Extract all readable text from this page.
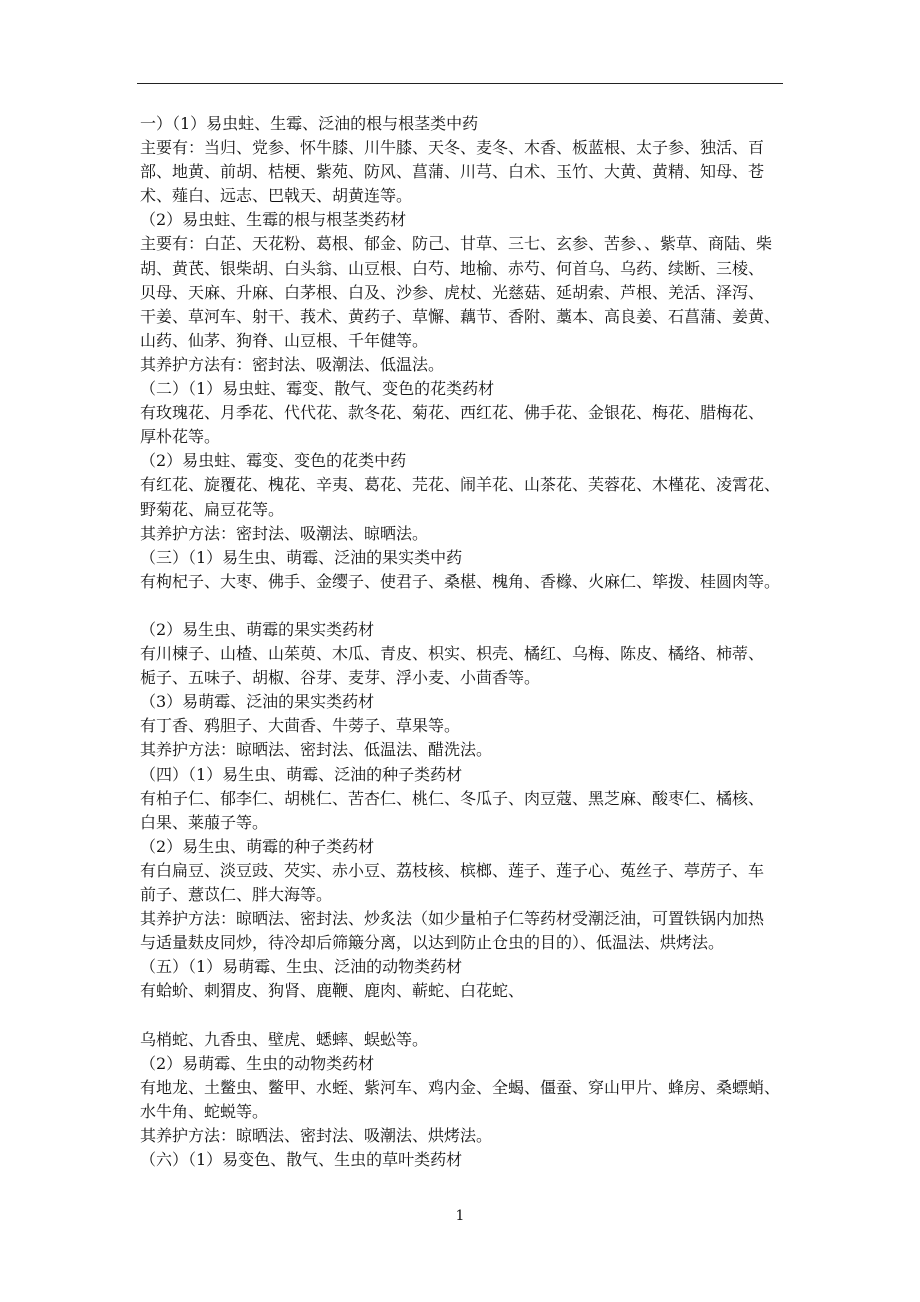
一）（1）易虫蛀、生霉、泛油的根与根茎类中药
主要有：当归、党参、怀牛膝、川牛膝、天冬、麦冬、木香、板蓝根、太子参、独活、百
部、地黄、前胡、桔梗、紫苑、防风、菖蒲、川芎、白术、玉竹、大黄、黄精、知母、苍
术、薤白、远志、巴戟天、胡黄连等。
（2）易虫蛀、生霉的根与根茎类药材
主要有：白芷、天花粉、葛根、郁金、防己、甘草、三七、玄参、苦参、、紫草、商陆、柴
胡、黄芪、银柴胡、白头翁、山豆根、白芍、地榆、赤芍、何首乌、乌药、续断、三棱、
贝母、天麻、升麻、白茅根、白及、沙参、虎杖、光慈菇、延胡索、芦根、羌活、泽泻、
干姜、草河车、射干、莪术、黄药子、草懈、藕节、香附、藁本、高良姜、石菖蒲、姜黄、
山药、仙茅、狗脊、山豆根、千年健等。
其养护方法有：密封法、吸潮法、低温法。
（二）（1）易虫蛀、霉变、散气、变色的花类药材
有玫瑰花、月季花、代代花、款冬花、菊花、西红花、佛手花、金银花、梅花、腊梅花、
厚朴花等。
（2）易虫蛀、霉变、变色的花类中药
有红花、旋覆花、槐花、辛夷、葛花、芫花、闹羊花、山茶花、芙蓉花、木槿花、凌霄花、
野菊花、扁豆花等。
其养护方法：密封法、吸潮法、晾晒法。
（三）（1）易生虫、萌霉、泛油的果实类中药
有枸杞子、大枣、佛手、金缨子、使君子、桑椹、槐角、香橼、火麻仁、筚拨、桂圆肉等。
（2）易生虫、萌霉的果实类药材
有川楝子、山楂、山茱萸、木瓜、青皮、枳实、枳壳、橘红、乌梅、陈皮、橘络、柿蒂、
栀子、五味子、胡椒、谷芽、麦芽、浮小麦、小茴香等。
（3）易萌霉、泛油的果实类药材
有丁香、鸦胆子、大茴香、牛蒡子、草果等。
其养护方法：晾晒法、密封法、低温法、醋洗法。
（四）（1）易生虫、萌霉、泛油的种子类药材
有柏子仁、郁李仁、胡桃仁、苦杏仁、桃仁、冬瓜子、肉豆蔻、黑芝麻、酸枣仁、橘核、
白果、莱菔子等。
（2）易生虫、萌霉的种子类药材
有白扁豆、淡豆豉、芡实、赤小豆、荔枝核、槟榔、莲子、莲子心、菟丝子、葶苈子、车
前子、薏苡仁、胖大海等。
其养护方法：晾晒法、密封法、炒炙法（如少量柏子仁等药材受潮泛油，可置铁锅内加热
与适量麸皮同炒，待冷却后筛簸分离，以达到防止仓虫的目的）、低温法、烘烤法。
（五）（1）易萌霉、生虫、泛油的动物类药材
有蛤蚧、刺猬皮、狗肾、鹿鞭、鹿肉、蕲蛇、白花蛇、
乌梢蛇、九香虫、壁虎、蟋蟀、蜈蚣等。
（2）易萌霉、生虫的动物类药材
有地龙、土鳖虫、鳖甲、水蛭、紫河车、鸡内金、全蝎、僵蚕、穿山甲片、蜂房、桑螵蛸、
水牛角、蛇蜕等。
其养护方法：晾晒法、密封法、吸潮法、烘烤法。
（六）（1）易变色、散气、生虫的草叶类药材
1
